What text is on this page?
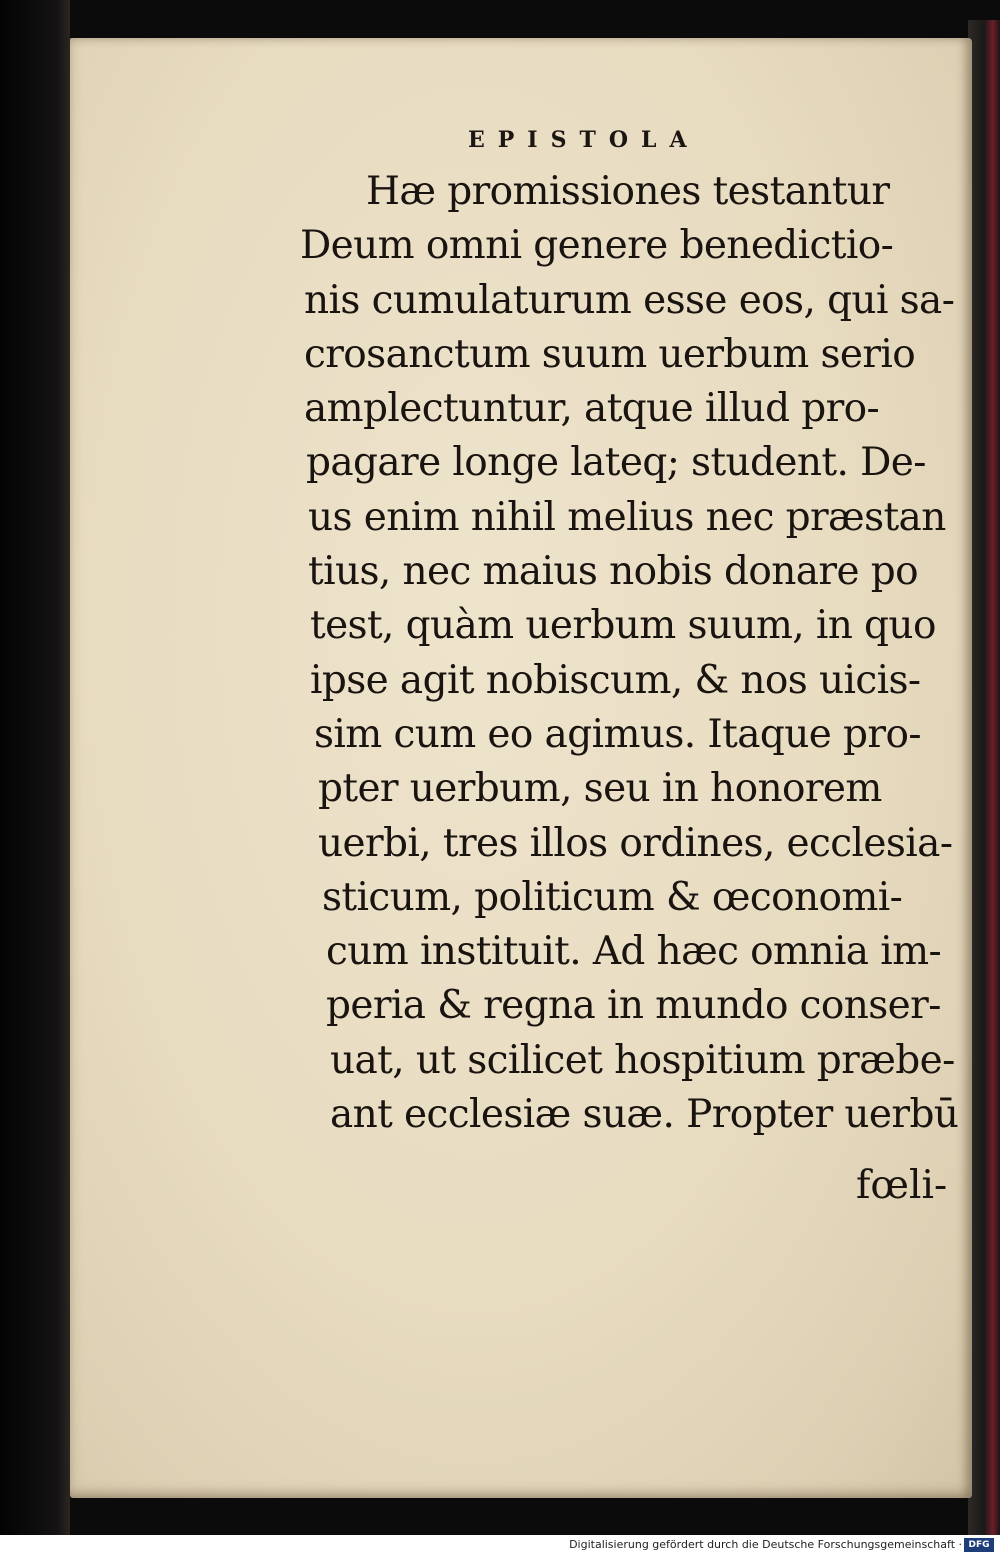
EPISTOLA
Hæ promissiones testantur
Deum omni genere benedictio-
nis cumulaturum esse eos, qui sa-
crosanctum suum uerbum serio
amplectuntur, atque illud pro-
pagare longe lateq; student. De-
us enim nihil melius nec præstan
tius, nec maius nobis donare po
test, quàm uerbum suum, in quo
ipse agit nobiscum, & nos uicis-
sim cum eo agimus. Itaque pro-
pter uerbum, seu in honorem
uerbi, tres illos ordines, ecclesia-
sticum, politicum & œconomi-
cum instituit. Ad hæc omnia im-
peria & regna in mundo conser-
uat, ut scilicet hospitium præbe-
ant ecclesiæ suæ. Propter uerbū
fœli-
Digitalisierung gefördert durch die Deutsche Forschungsgemeinschaft · DFG
